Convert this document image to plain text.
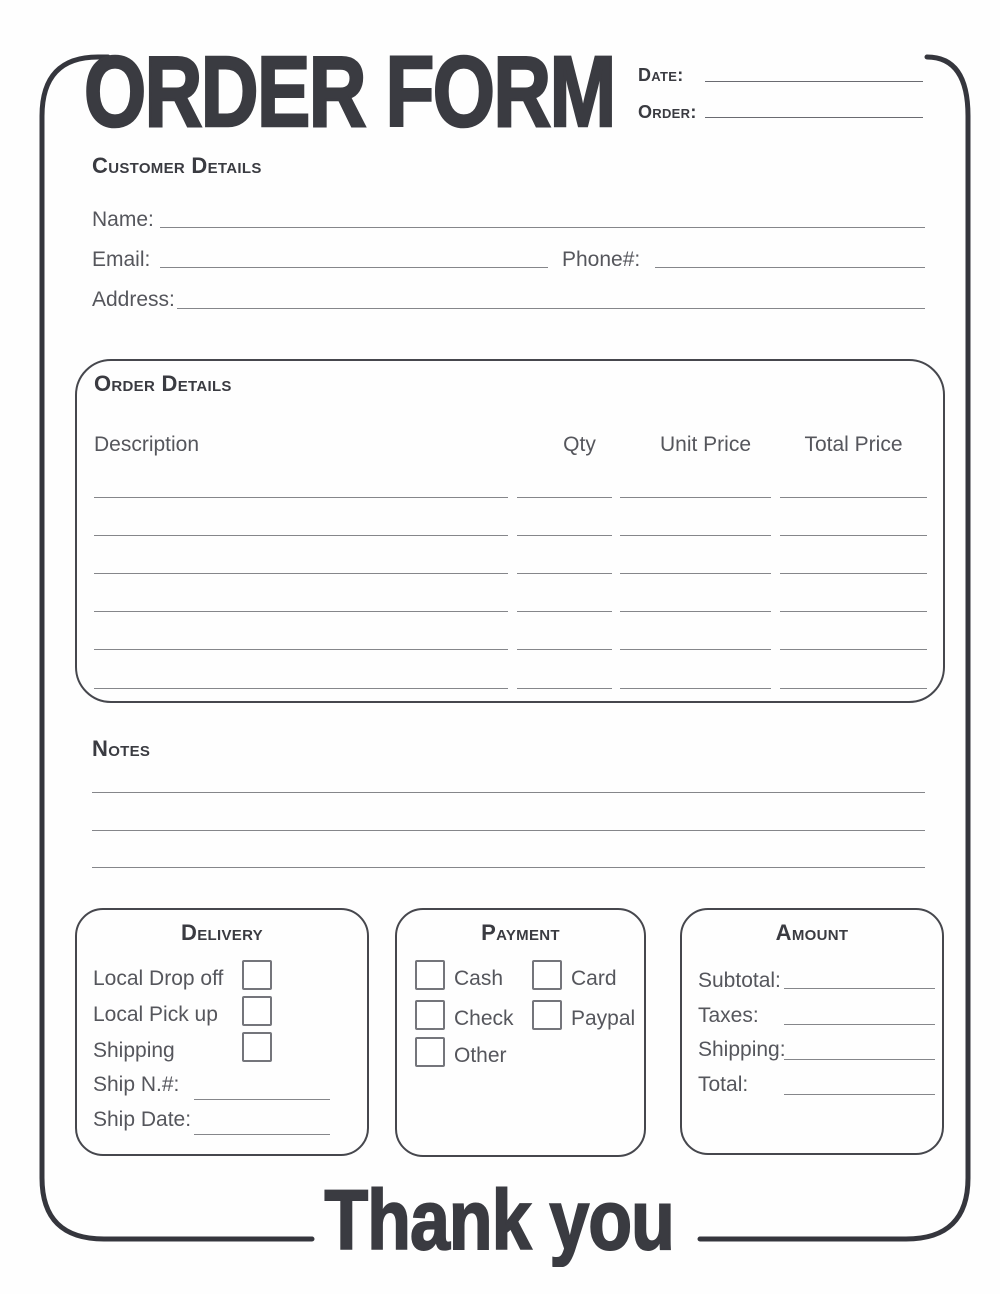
ORDER FORM Date:
Order:
Customer Details
Name:
Email:	Phone#:
Address:
Order Details
Description	Qty	Unit Price	Total Price
Notes
Delivery
Local Drop off
Local Pick up
Shipping
Ship N.#:
Ship Date:
Payment
Cash
Check
Other
Card
Paypal
Amount
Subtotal:
Taxes:
Shipping:
Total:
Thank you
